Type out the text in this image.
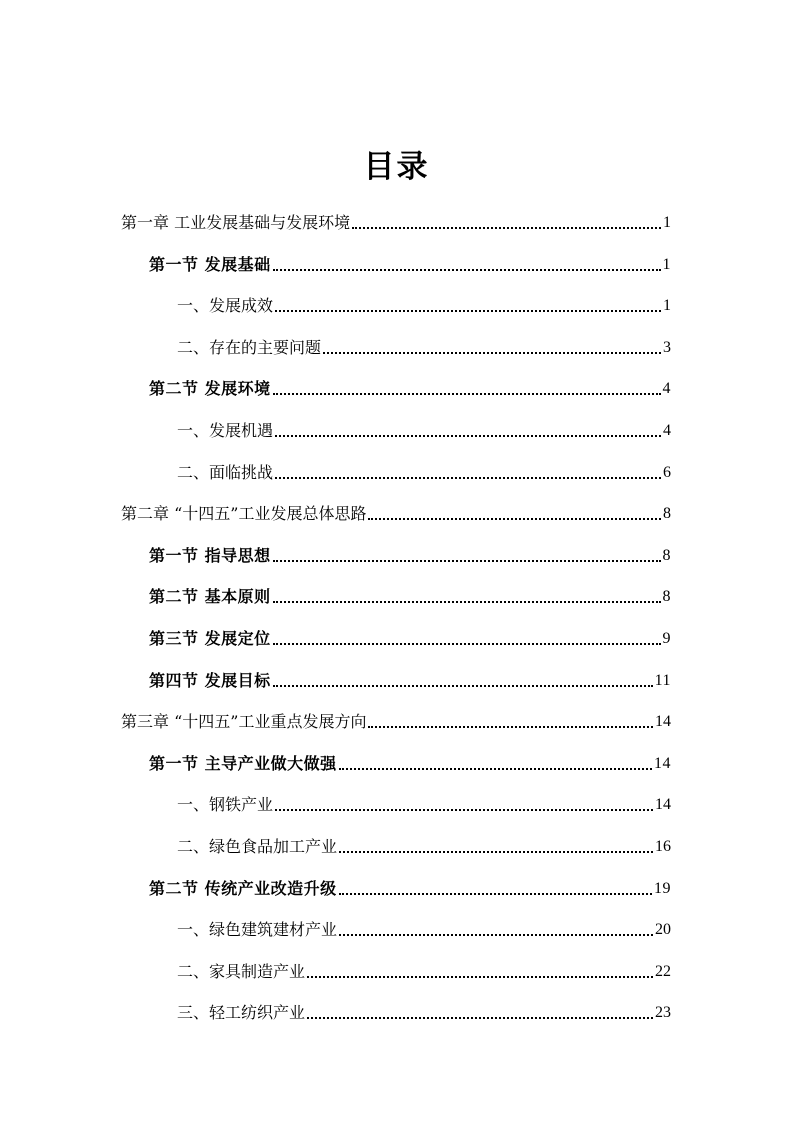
目录
第一章 工业发展基础与发展环境	1
第一节 发展基础	1
一、发展成效	1
二、存在的主要问题	3
第二节 发展环境	4
一、发展机遇	4
二、面临挑战	6
第二章 “十四五”工业发展总体思路	8
第一节 指导思想	8
第二节 基本原则	8
第三节 发展定位	9
第四节 发展目标	11
第三章 “十四五”工业重点发展方向	14
第一节 主导产业做大做强	14
一、钢铁产业	14
二、绿色食品加工产业	16
第二节 传统产业改造升级	19
一、绿色建筑建材产业	20
二、家具制造产业	22
三、轻工纺织产业	23
